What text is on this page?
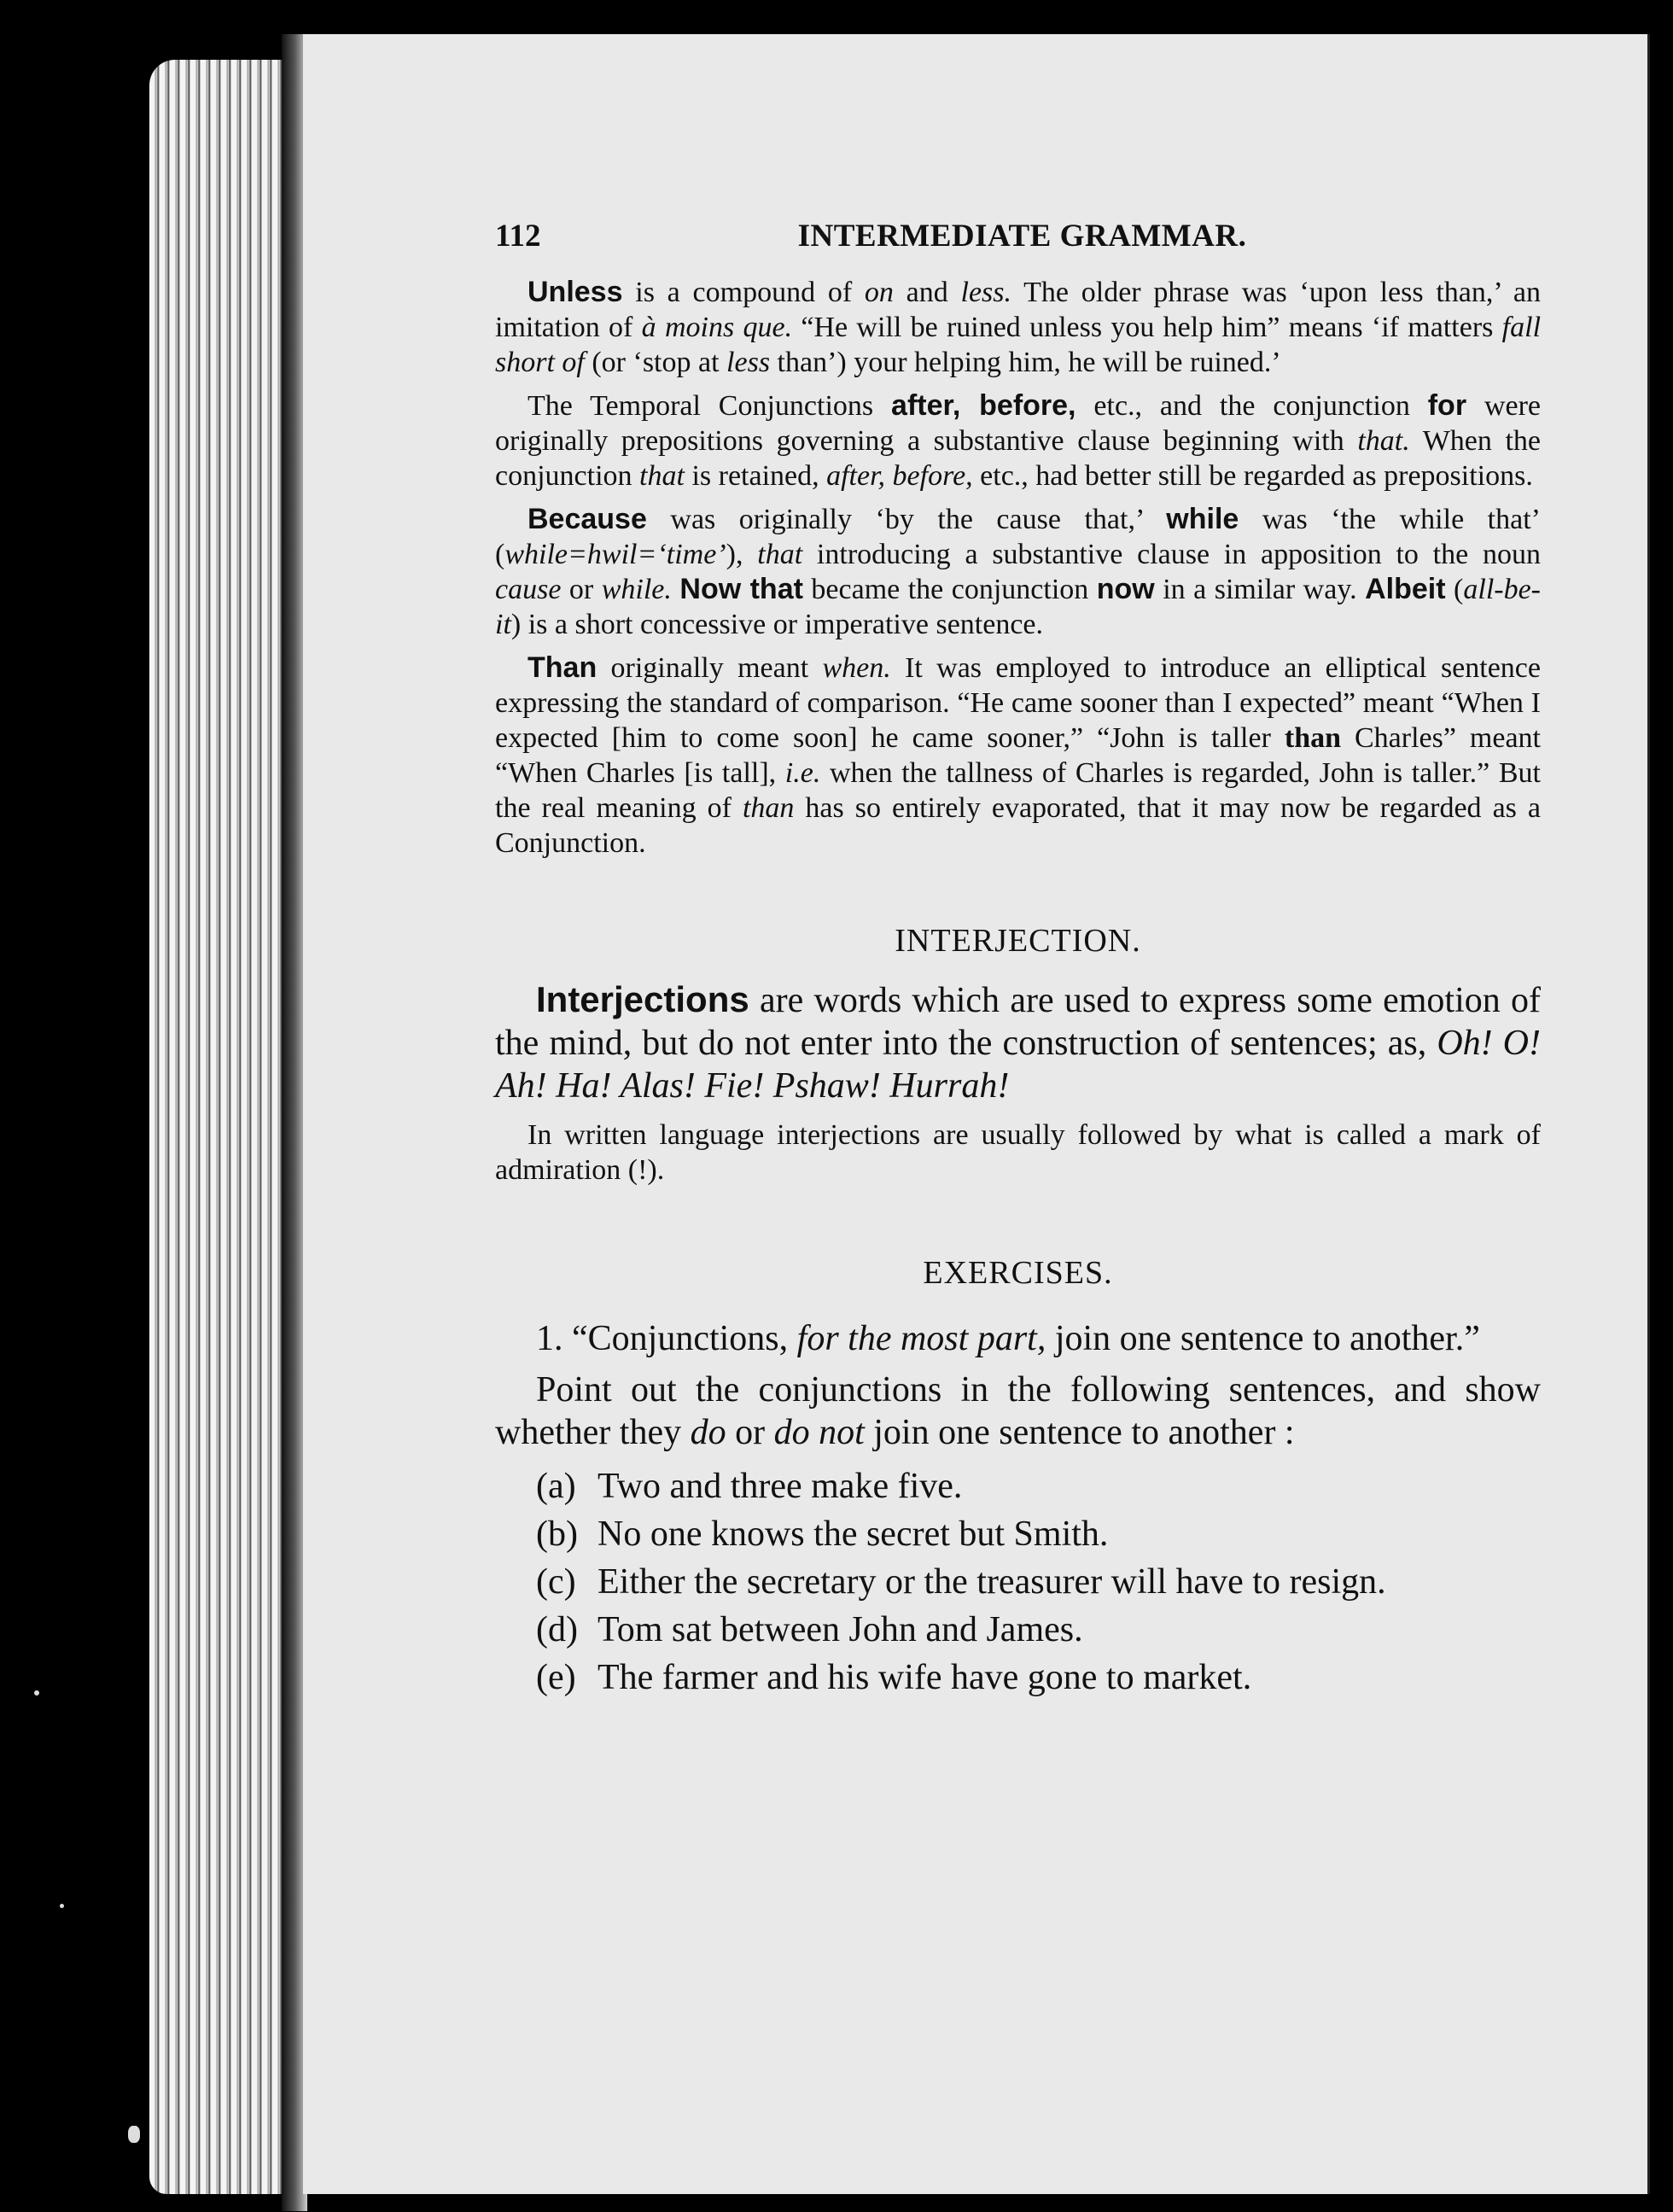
112	INTERMEDIATE GRAMMAR.

Unless is a compound of on and less. The older phrase was ‘upon less than,’ an imitation of à moins que. “He will be ruined unless you help him” means ‘if matters fall short of (or ‘stop at less than’) your helping him, he will be ruined.’

The Temporal Conjunctions after, before, etc., and the conjunction for were originally prepositions governing a substantive clause beginning with that. When the conjunction that is retained, after, before, etc., had better still be regarded as prepositions.

Because was originally ‘by the cause that,’ while was ‘the while that’ (while=hwil=‘time’), that introducing a substantive clause in apposition to the noun cause or while. Now that became the conjunction now in a similar way. Albeit (all-be-it) is a short concessive or imperative sentence.

Than originally meant when. It was employed to introduce an elliptical sentence expressing the standard of comparison. “He came sooner than I expected” meant “When I expected [him to come soon] he came sooner,” “John is taller than Charles” meant “When Charles [is tall], i.e. when the tallness of Charles is regarded, John is taller.” But the real meaning of than has so entirely evaporated, that it may now be regarded as a Conjunction.

INTERJECTION.

Interjections are words which are used to express some emotion of the mind, but do not enter into the construction of sentences; as, Oh! O! Ah! Ha! Alas! Fie! Pshaw! Hurrah!

In written language interjections are usually followed by what is called a mark of admiration (!).

EXERCISES.

1. “Conjunctions, for the most part, join one sentence to another.”

Point out the conjunctions in the following sentences, and show whether they do or do not join one sentence to another :

(a) Two and three make five.
(b) No one knows the secret but Smith.
(c) Either the secretary or the treasurer will have to resign.
(d) Tom sat between John and James.
(e) The farmer and his wife have gone to market.
